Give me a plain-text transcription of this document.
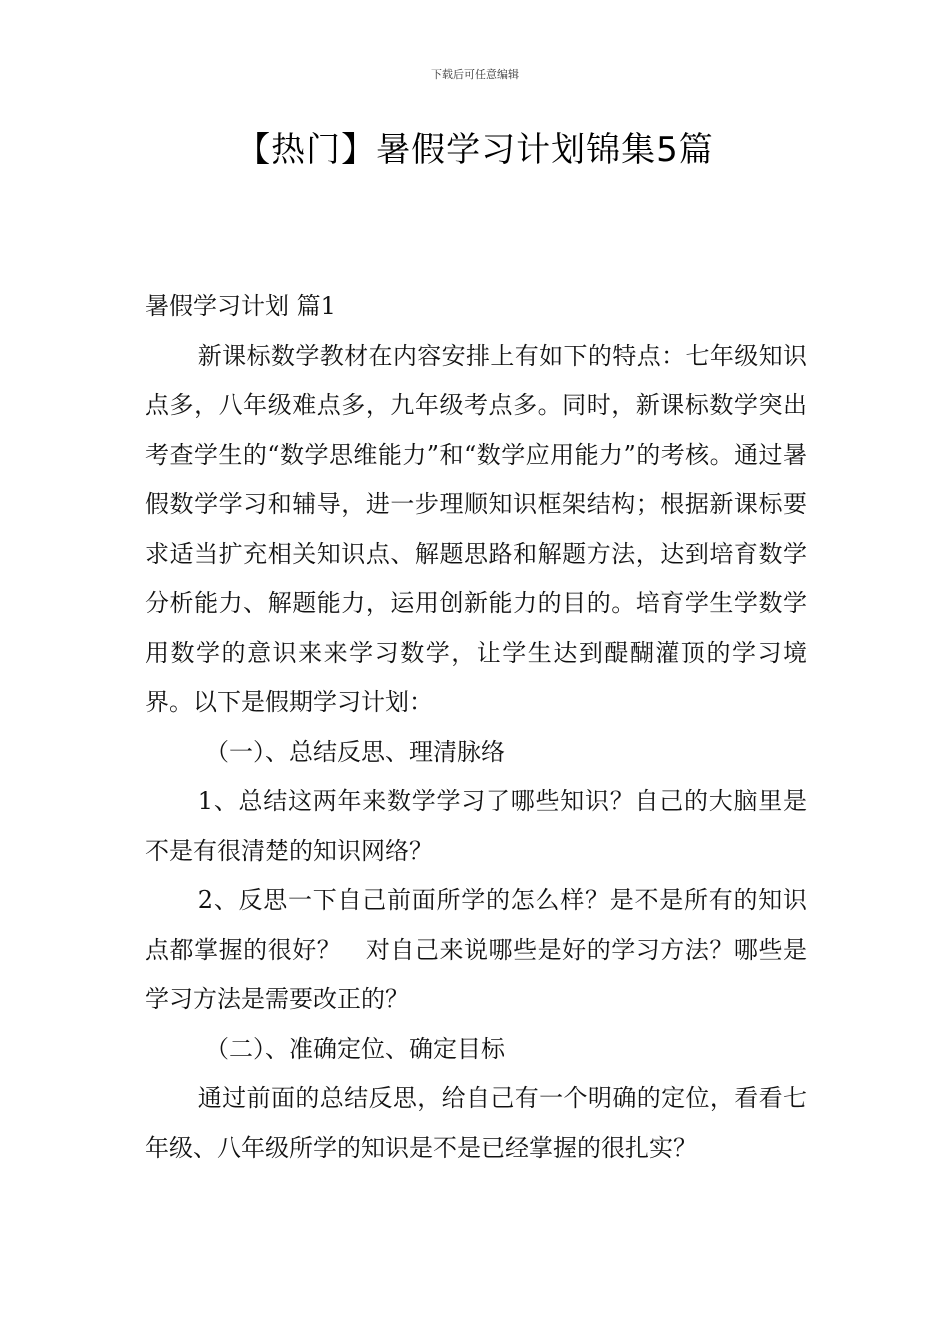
下载后可任意编辑
【热门】暑假学习计划锦集5篇

暑假学习计划 篇1

新课标数学教材在内容安排上有如下的特点：七年级知识点多，八年级难点多，九年级考点多。同时，新课标数学突出考查学生的“数学思维能力”和“数学应用能力”的考核。通过暑假数学学习和辅导，进一步理顺知识框架结构；根据新课标要求适当扩充相关知识点、解题思路和解题方法，达到培育数学分析能力、解题能力，运用创新能力的目的。培育学生学数学用数学的意识来来学习数学，让学生达到醍醐灌顶的学习境界。以下是假期学习计划：

（一）、总结反思、理清脉络

1、总结这两年来数学学习了哪些知识？自己的大脑里是不是有很清楚的知识网络？

2、反思一下自己前面所学的怎么样？是不是所有的知识点都掌握的很好？　对自己来说哪些是好的学习方法？哪些是学习方法是需要改正的？

（二）、准确定位、确定目标

通过前面的总结反思，给自己有一个明确的定位，看看七年级、八年级所学的知识是不是已经掌握的很扎实？
